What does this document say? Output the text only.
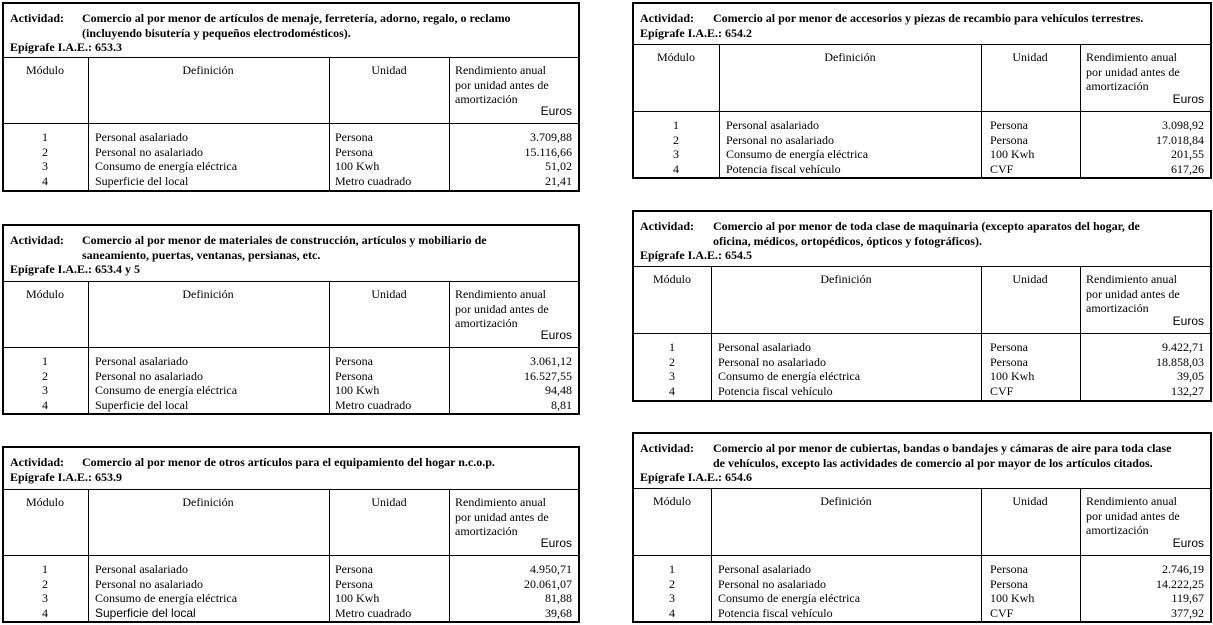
Actividad:	Comercio al por menor de artículos de menaje, ferretería, adorno, regalo, o reclamo
(incluyendo bisutería y pequeños electrodomésticos).
Epígrafe I.A.E.: 653.3
Módulo	Definición	Unidad	Rendimiento anual
por unidad antes de
amortización
Euros
1	Personal asalariado	Persona	3.709,88
2	Personal no asalariado	Persona	15.116,66
3	Consumo de energía eléctrica	100 Kwh	51,02
4	Superficie del local	Metro cuadrado	21,41
Actividad:	Comercio al por menor de materiales de construcción, artículos y mobiliario de
saneamiento, puertas, ventanas, persianas, etc.
Epígrafe I.A.E.: 653.4 y 5
Módulo	Definición	Unidad	Rendimiento anual
por unidad antes de
amortización
Euros
1	Personal asalariado	Persona	3.061,12
2	Personal no asalariado	Persona	16.527,55
3	Consumo de energía eléctrica	100 Kwh	94,48
4	Superficie del local	Metro cuadrado	8,81
Actividad:	Comercio al por menor de otros artículos para el equipamiento del hogar n.c.o.p.
Epígrafe I.A.E.: 653.9
Módulo	Definición	Unidad	Rendimiento anual
por unidad antes de
amortización
Euros
1	Personal asalariado	Persona	4.950,71
2	Personal no asalariado	Persona	20.061,07
3	Consumo de energía eléctrica	100 Kwh	81,88
4	Superficie del local	Metro cuadrado	39,68
Actividad:	Comercio al por menor de accesorios y piezas de recambio para vehículos terrestres.
Epígrafe I.A.E.: 654.2
Módulo	Definición	Unidad	Rendimiento anual
por unidad antes de
amortización
Euros
1	Personal asalariado	Persona	3.098,92
2	Personal no asalariado	Persona	17.018,84
3	Consumo de energía eléctrica	100 Kwh	201,55
4	Potencia fiscal vehículo	CVF	617,26
Actividad:	Comercio al por menor de toda clase de maquinaria (excepto aparatos del hogar, de
oficina, médicos, ortopédicos, ópticos y fotográficos).
Epígrafe I.A.E.: 654.5
Módulo	Definición	Unidad	Rendimiento anual
por unidad antes de
amortización
Euros
1	Personal asalariado	Persona	9.422,71
2	Personal no asalariado	Persona	18.858,03
3	Consumo de energía eléctrica	100 Kwh	39,05
4	Potencia fiscal vehículo	CVF	132,27
Actividad:	Comercio al por menor de cubiertas, bandas o bandajes y cámaras de aire para toda clase
de vehículos, excepto las actividades de comercio al por mayor de los artículos citados.
Epígrafe I.A.E.: 654.6
Módulo	Definición	Unidad	Rendimiento anual
por unidad antes de
amortización
Euros
1	Personal asalariado	Persona	2.746,19
2	Personal no asalariado	Persona	14.222,25
3	Consumo de energía eléctrica	100 Kwh	119,67
4	Potencia fiscal vehículo	CVF	377,92
